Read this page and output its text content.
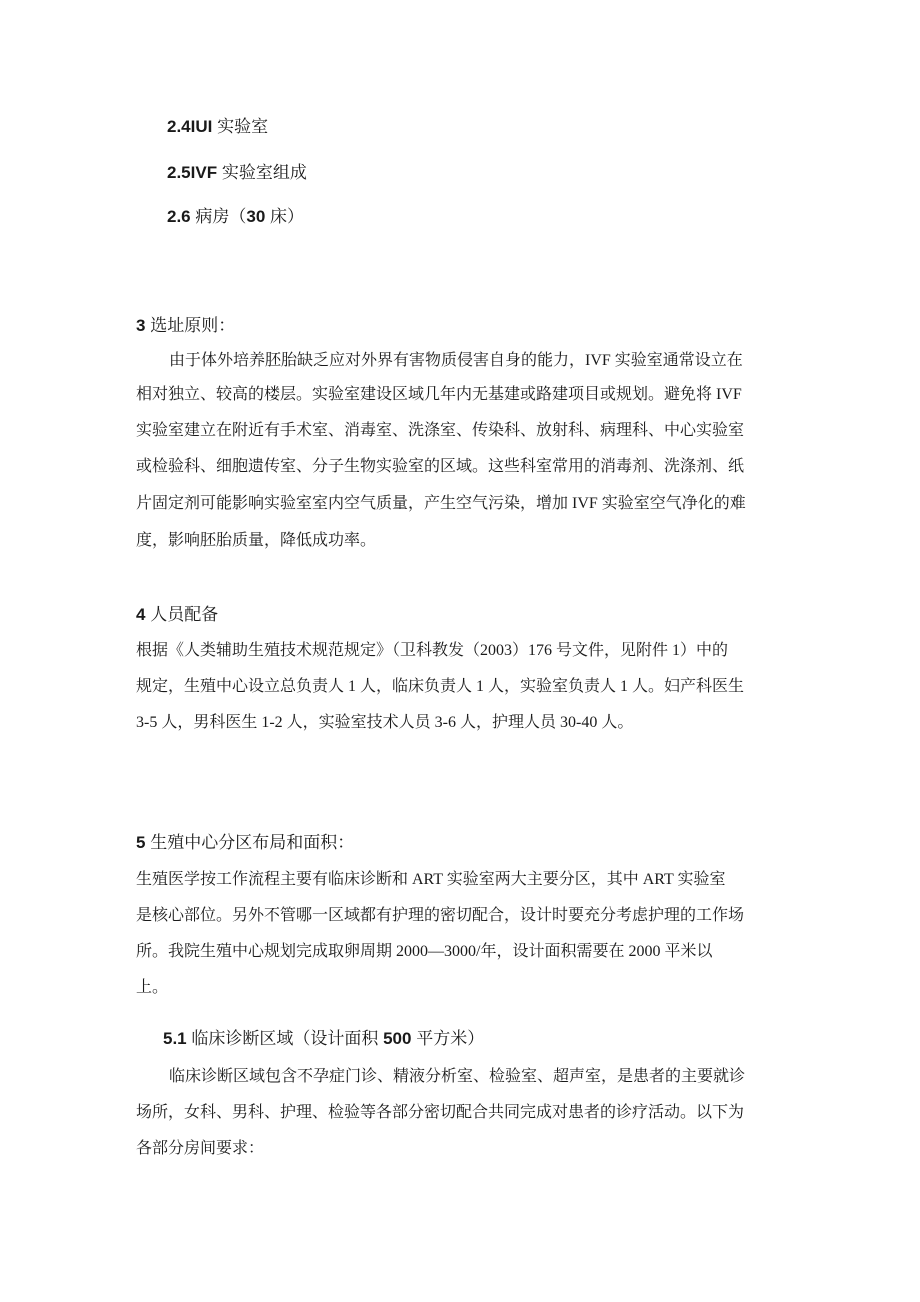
2.4IUI 实验室
2.5IVF 实验室组成
2.6 病房（30 床）
3 选址原则：
由于体外培养胚胎缺乏应对外界有害物质侵害自身的能力，IVF 实验室通常设立在
相对独立、较高的楼层。实验室建设区域几年内无基建或路建项目或规划。避免将 IVF
实验室建立在附近有手术室、消毒室、洗涤室、传染科、放射科、病理科、中心实验室
或检验科、细胞遗传室、分子生物实验室的区域。这些科室常用的消毒剂、洗涤剂、纸
片固定剂可能影响实验室室内空气质量，产生空气污染，增加 IVF 实验室空气净化的难
度，影响胚胎质量，降低成功率。
4 人员配备
根据《人类辅助生殖技术规范规定》（卫科教发（2003）176 号文件，见附件 1）中的
规定，生殖中心设立总负责人 1 人，临床负责人 1 人，实验室负责人 1 人。妇产科医生
3-5 人，男科医生 1-2 人，实验室技术人员 3-6 人，护理人员 30-40 人。
5 生殖中心分区布局和面积：
生殖医学按工作流程主要有临床诊断和 ART 实验室两大主要分区，其中 ART 实验室
是核心部位。另外不管哪一区域都有护理的密切配合，设计时要充分考虑护理的工作场
所。我院生殖中心规划完成取卵周期 2000—3000/年，设计面积需要在 2000 平米以
上。
5.1 临床诊断区域（设计面积 500 平方米）
临床诊断区域包含不孕症门诊、精液分析室、检验室、超声室，是患者的主要就诊
场所，女科、男科、护理、检验等各部分密切配合共同完成对患者的诊疗活动。以下为
各部分房间要求：
